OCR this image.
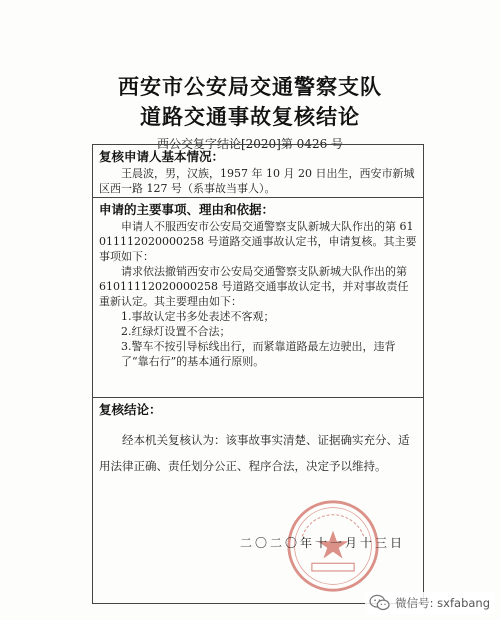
西安市公安局交通警察支队
道路交通事故复核结论
西公交复字结论[2020]第 0426 号
复核申请人基本情况：

王晨波，男，汉族，1957 年 10 月 20 日出生，西安市新城区西一路 127 号（系事故当事人）。

申请的主要事项、理由和依据：

申请人不服西安市公安局交通警察支队新城大队作出的第 61011112020000258 号道路交通事故认定书，申请复核。其主要事项如下：

请求依法撤销西安市公安局交通警察支队新城大队作出的第 61011112020000258 号道路交通事故认定书，并对事故责任重新认定。其主要理由如下：

1.事故认定书多处表述不客观；

2.红绿灯设置不合法；

3.警车不按引导标线出行，而紧靠道路最左边驶出，违背了“靠右行”的基本通行原则。

复核结论：

经本机关复核认为：该事故事实清楚、证据确实充分、适用法律正确、责任划分公正、程序合法，决定予以维持。

二〇二〇年十一月十三日
微信号: sxfabang
